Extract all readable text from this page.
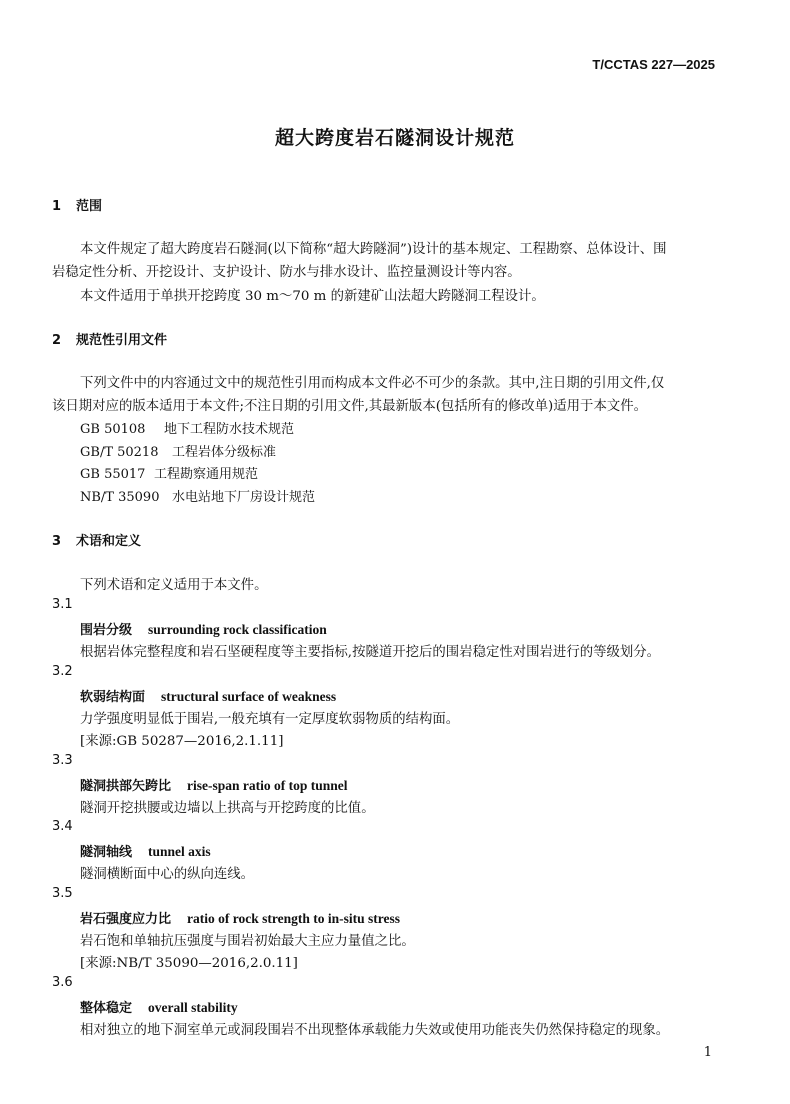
T/CCTAS 227—2025
超大跨度岩石隧洞设计规范
1 范围
本文件规定了超大跨度岩石隧洞(以下简称“超大跨隧洞”)设计的基本规定、工程勘察、总体设计、围
岩稳定性分析、开挖设计、支护设计、防水与排水设计、监控量测设计等内容。
本文件适用于单拱开挖跨度 30 m～70 m 的新建矿山法超大跨隧洞工程设计。
2 规范性引用文件
下列文件中的内容通过文中的规范性引用而构成本文件必不可少的条款。其中,注日期的引用文件,仅
该日期对应的版本适用于本文件;不注日期的引用文件,其最新版本(包括所有的修改单)适用于本文件。
GB 50108 地下工程防水技术规范
GB/T 50218 工程岩体分级标准
GB 55017 工程勘察通用规范
NB/T 35090 水电站地下厂房设计规范
3 术语和定义
下列术语和定义适用于本文件。
3.1
围岩分级 surrounding rock classification
根据岩体完整程度和岩石坚硬程度等主要指标,按隧道开挖后的围岩稳定性对围岩进行的等级划分。
3.2
软弱结构面 structural surface of weakness
力学强度明显低于围岩,一般充填有一定厚度软弱物质的结构面。
[来源:GB 50287—2016,2.1.11]
3.3
隧洞拱部矢跨比 rise-span ratio of top tunnel
隧洞开挖拱腰或边墙以上拱高与开挖跨度的比值。
3.4
隧洞轴线 tunnel axis
隧洞横断面中心的纵向连线。
3.5
岩石强度应力比 ratio of rock strength to in-situ stress
岩石饱和单轴抗压强度与围岩初始最大主应力量值之比。
[来源:NB/T 35090—2016,2.0.11]
3.6
整体稳定 overall stability
相对独立的地下洞室单元或洞段围岩不出现整体承载能力失效或使用功能丧失仍然保持稳定的现象。
1
